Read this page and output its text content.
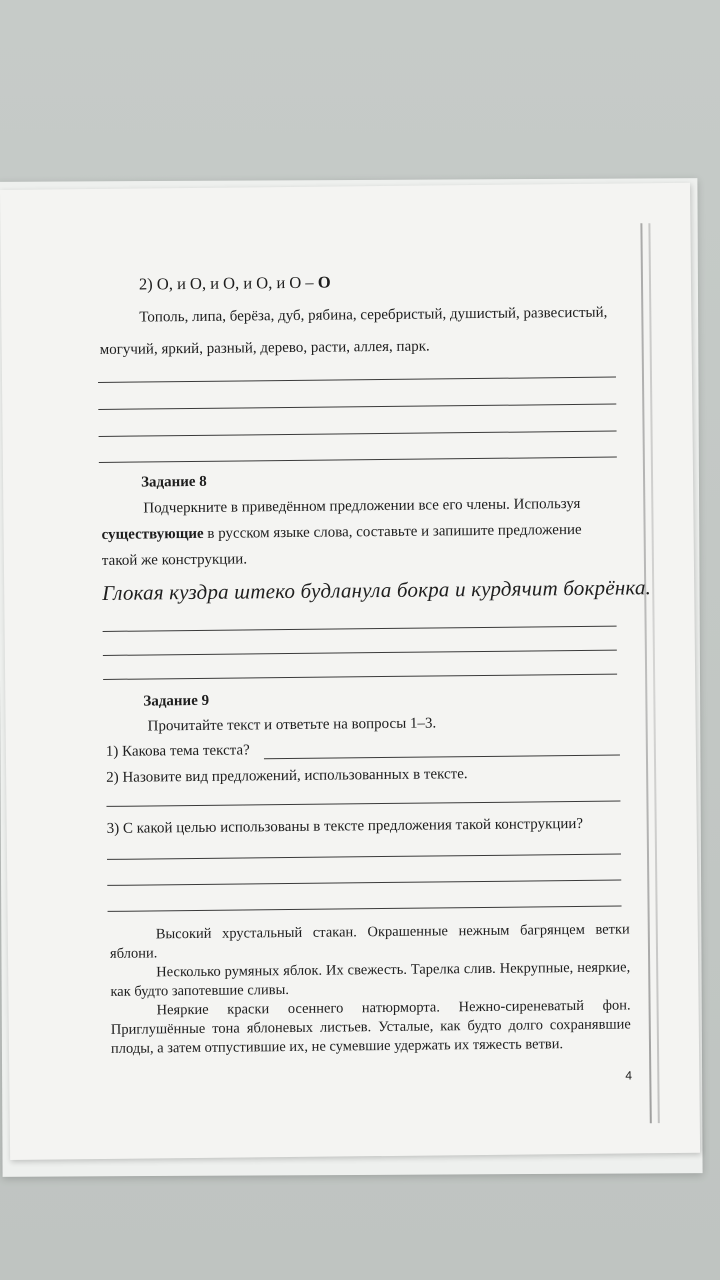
2) О, и О, и О, и О, и О – О
Тополь, липа, берёза, дуб, рябина, серебристый, душистый, развесистый,
могучий, яркий, разный, дерево, расти, аллея, парк.
Задание 8
Подчеркните в приведённом предложении все его члены. Используя
существующие в русском языке слова, составьте и запишите предложение
такой же конструкции.
Глокая куздра штеко будланула бокра и курдячит бокрёнка.
Задание 9
Прочитайте текст и ответьте на вопросы 1–3.
1) Какова тема текста?
2) Назовите вид предложений, использованных в тексте.
3) С какой целью использованы в тексте предложения такой конструкции?

Высокий хрустальный стакан. Окрашенные нежным багрянцем ветки яблони.

Несколько румяных яблок. Их свежесть. Тарелка слив. Некрупные, неяркие, как будто запотевшие сливы.

Неяркие краски осеннего натюрморта. Нежно-сиреневатый фон. Приглушённые тона яблоневых листьев. Усталые, как будто долго сохранявшие плоды, а затем отпустившие их, не сумевшие удержать их тяжесть ветви.

4
